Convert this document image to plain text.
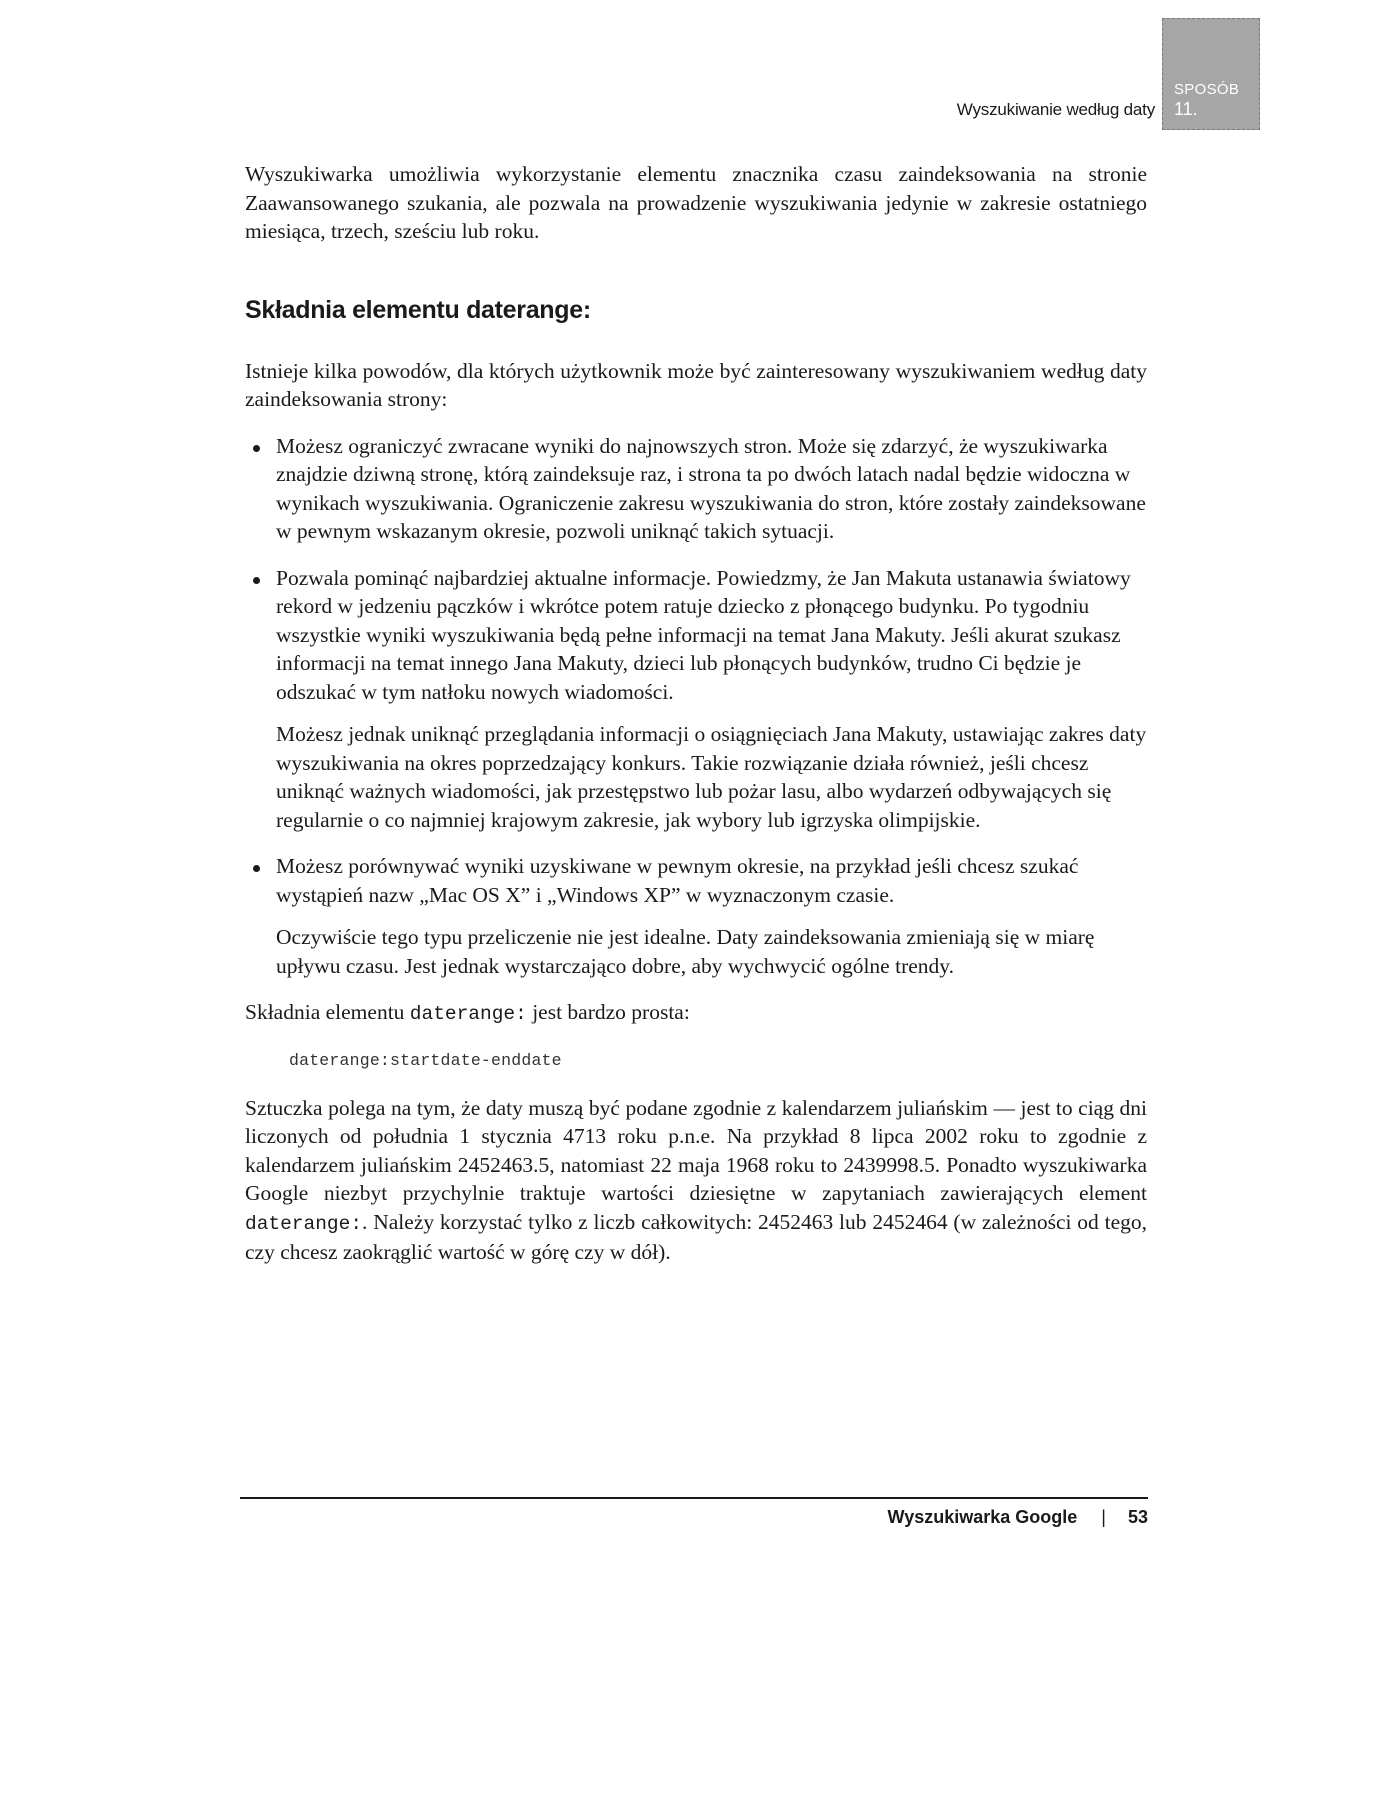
Wyszukiwanie według daty
SPOSÓB
11.

Wyszukiwarka umożliwia wykorzystanie elementu znacznika czasu zaindeksowania na stronie Zaawansowanego szukania, ale pozwala na prowadzenie wyszukiwania jedynie w zakresie ostatniego miesiąca, trzech, sześciu lub roku.

Składnia elementu daterange:

Istnieje kilka powodów, dla których użytkownik może być zainteresowany wyszukiwaniem według daty zaindeksowania strony:

Możesz ograniczyć zwracane wyniki do najnowszych stron. Może się zdarzyć, że wyszukiwarka znajdzie dziwną stronę, którą zaindeksuje raz, i strona ta po dwóch latach nadal będzie widoczna w wynikach wyszukiwania. Ograniczenie zakresu wyszukiwania do stron, które zostały zaindeksowane w pewnym wskazanym okresie, pozwoli uniknąć takich sytuacji.

Pozwala pominąć najbardziej aktualne informacje. Powiedzmy, że Jan Makuta ustanawia światowy rekord w jedzeniu pączków i wkrótce potem ratuje dziecko z płonącego budynku. Po tygodniu wszystkie wyniki wyszukiwania będą pełne informacji na temat Jana Makuty. Jeśli akurat szukasz informacji na temat innego Jana Makuty, dzieci lub płonących budynków, trudno Ci będzie je odszukać w tym natłoku nowych wiadomości.

Możesz jednak uniknąć przeglądania informacji o osiągnięciach Jana Makuty, ustawiając zakres daty wyszukiwania na okres poprzedzający konkurs. Takie rozwiązanie działa również, jeśli chcesz uniknąć ważnych wiadomości, jak przestępstwo lub pożar lasu, albo wydarzeń odbywających się regularnie o co najmniej krajowym zakresie, jak wybory lub igrzyska olimpijskie.

Możesz porównywać wyniki uzyskiwane w pewnym okresie, na przykład jeśli chcesz szukać wystąpień nazw „Mac OS X” i „Windows XP” w wyznaczonym czasie.

Oczywiście tego typu przeliczenie nie jest idealne. Daty zaindeksowania zmieniają się w miarę upływu czasu. Jest jednak wystarczająco dobre, aby wychwycić ogólne trendy.

Składnia elementu daterange: jest bardzo prosta:

daterange:startdate-enddate

Sztuczka polega na tym, że daty muszą być podane zgodnie z kalendarzem juliańskim — jest to ciąg dni liczonych od południa 1 stycznia 4713 roku p.n.e. Na przykład 8 lipca 2002 roku to zgodnie z kalendarzem juliańskim 2452463.5, natomiast 22 maja 1968 roku to 2439998.5. Ponadto wyszukiwarka Google niezbyt przychylnie traktuje wartości dziesiętne w zapytaniach zawierających element daterange:. Należy korzystać tylko z liczb całkowitych: 2452463 lub 2452464 (w zależności od tego, czy chcesz zaokrąglić wartość w górę czy w dół).

Wyszukiwarka Google | 53
